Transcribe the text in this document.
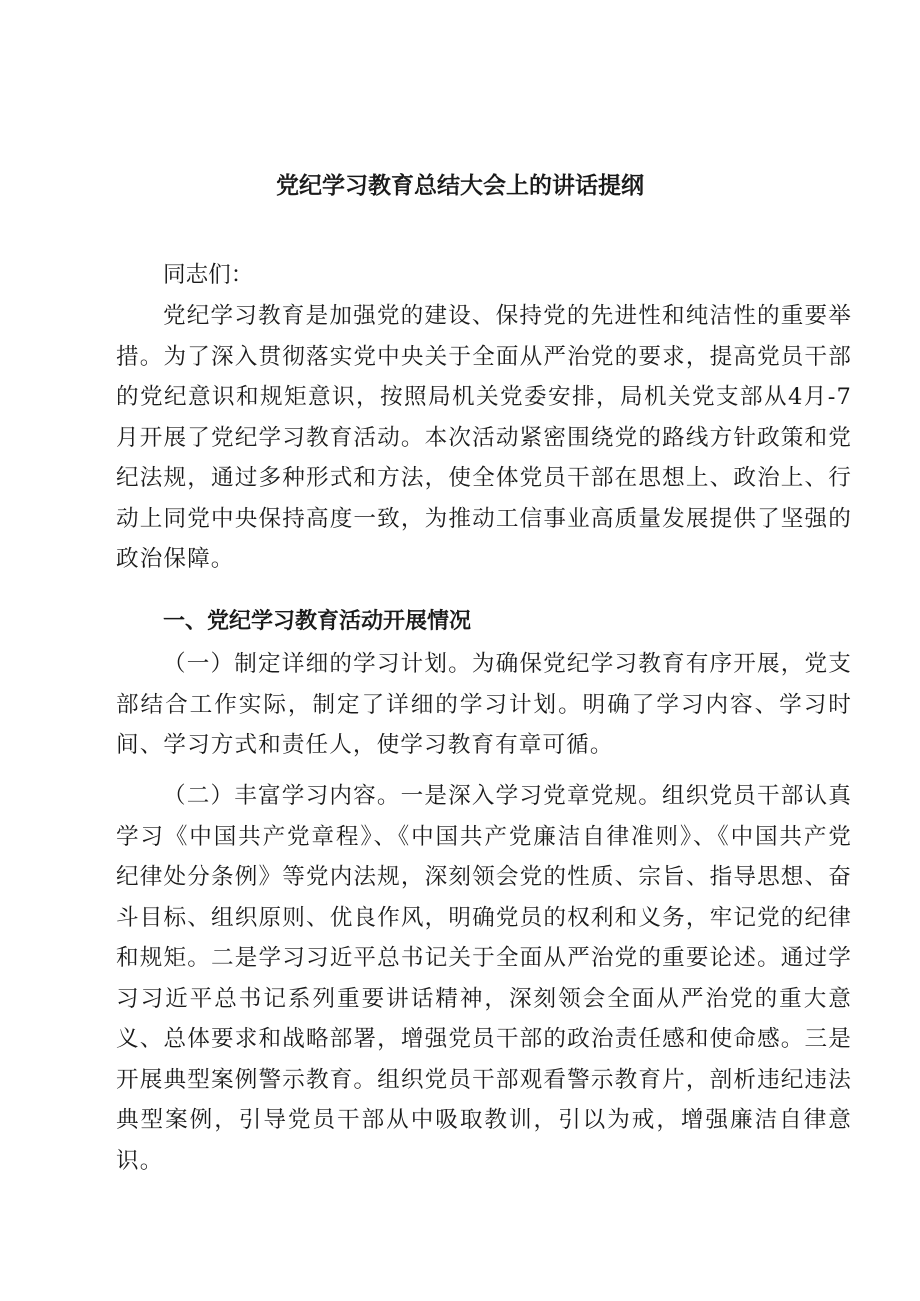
党纪学习教育总结大会上的讲话提纲

同志们：

党纪学习教育是加强党的建设、保持党的先进性和纯洁性的重要举措。为了深入贯彻落实党中央关于全面从严治党的要求，提高党员干部的党纪意识和规矩意识，按照局机关党委安排，局机关党支部从4月-7月开展了党纪学习教育活动。本次活动紧密围绕党的路线方针政策和党纪法规，通过多种形式和方法，使全体党员干部在思想上、政治上、行动上同党中央保持高度一致，为推动工信事业高质量发展提供了坚强的政治保障。

一、党纪学习教育活动开展情况

（一）制定详细的学习计划。为确保党纪学习教育有序开展，党支部结合工作实际，制定了详细的学习计划。明确了学习内容、学习时间、学习方式和责任人，使学习教育有章可循。

（二）丰富学习内容。一是深入学习党章党规。组织党员干部认真学习《中国共产党章程》、《中国共产党廉洁自律准则》、《中国共产党纪律处分条例》等党内法规，深刻领会党的性质、宗旨、指导思想、奋斗目标、组织原则、优良作风，明确党员的权利和义务，牢记党的纪律和规矩。二是学习习近平总书记关于全面从严治党的重要论述。通过学习习近平总书记系列重要讲话精神，深刻领会全面从严治党的重大意义、总体要求和战略部署，增强党员干部的政治责任感和使命感。三是开展典型案例警示教育。组织党员干部观看警示教育片，剖析违纪违法典型案例，引导党员干部从中吸取教训，引以为戒，增强廉洁自律意识。
